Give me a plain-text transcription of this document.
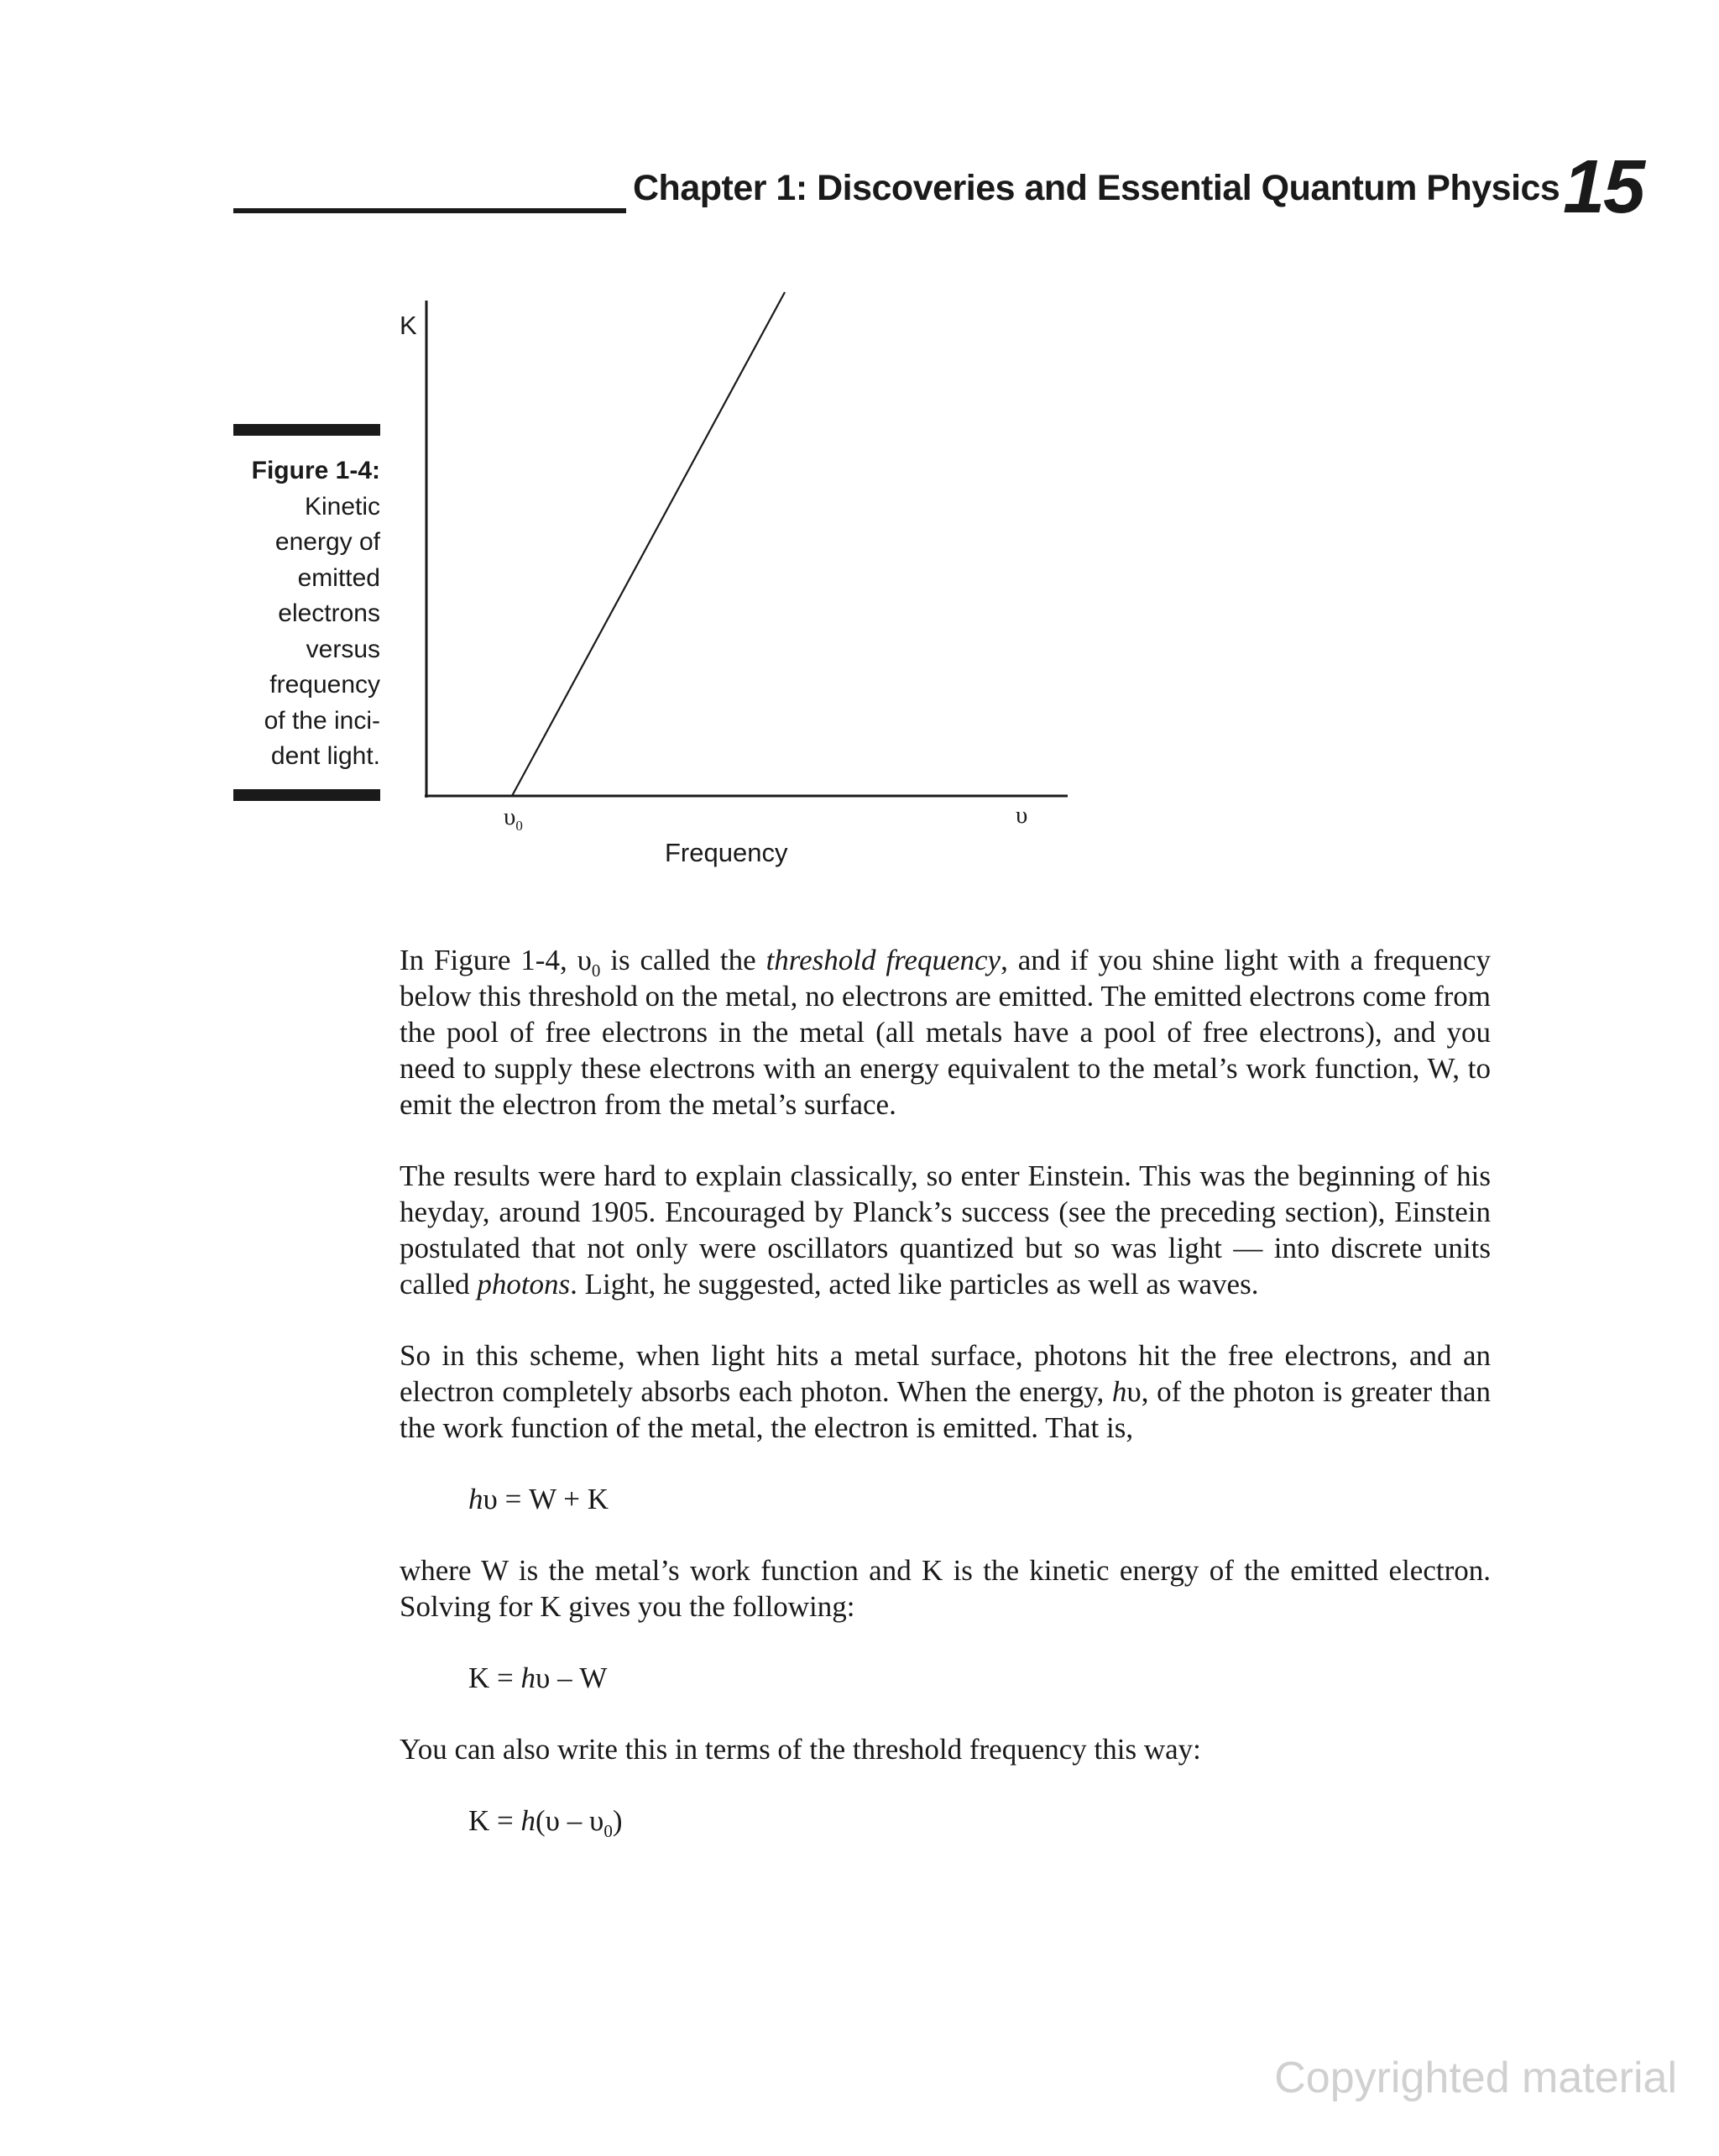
Chapter 1: Discoveries and Essential Quantum Physics 15
Figure 1-4:
Kinetic
energy of
emitted
electrons
versus
frequency
of the inci-
dent light.
K
$\upsilon_0$	υ
Frequency

In Figure 1-4, $\upsilon_0$ is called the threshold frequency, and if you shine light with a frequency below this threshold on the metal, no electrons are emitted. The emitted electrons come from the pool of free electrons in the metal (all metals have a pool of free electrons), and you need to supply these electrons with an energy equivalent to the metal’s work function, W, to emit the electron from the metal’s surface.

The results were hard to explain classically, so enter Einstein. This was the beginning of his heyday, around 1905. Encouraged by Planck’s success (see the preceding section), Einstein postulated that not only were oscillators quantized but so was light — into discrete units called photons. Light, he suggested, acted like particles as well as waves.

So in this scheme, when light hits a metal surface, photons hit the free electrons, and an electron completely absorbs each photon. When the energy, hυ, of the photon is greater than the work function of the metal, the electron is emitted. That is,

hυ = W + K

where W is the metal’s work function and K is the kinetic energy of the emitted electron. Solving for K gives you the following:

K = hυ – W

You can also write this in terms of the threshold frequency this way:

$K = h(\upsilon - \upsilon_0)$
Copyrighted material
